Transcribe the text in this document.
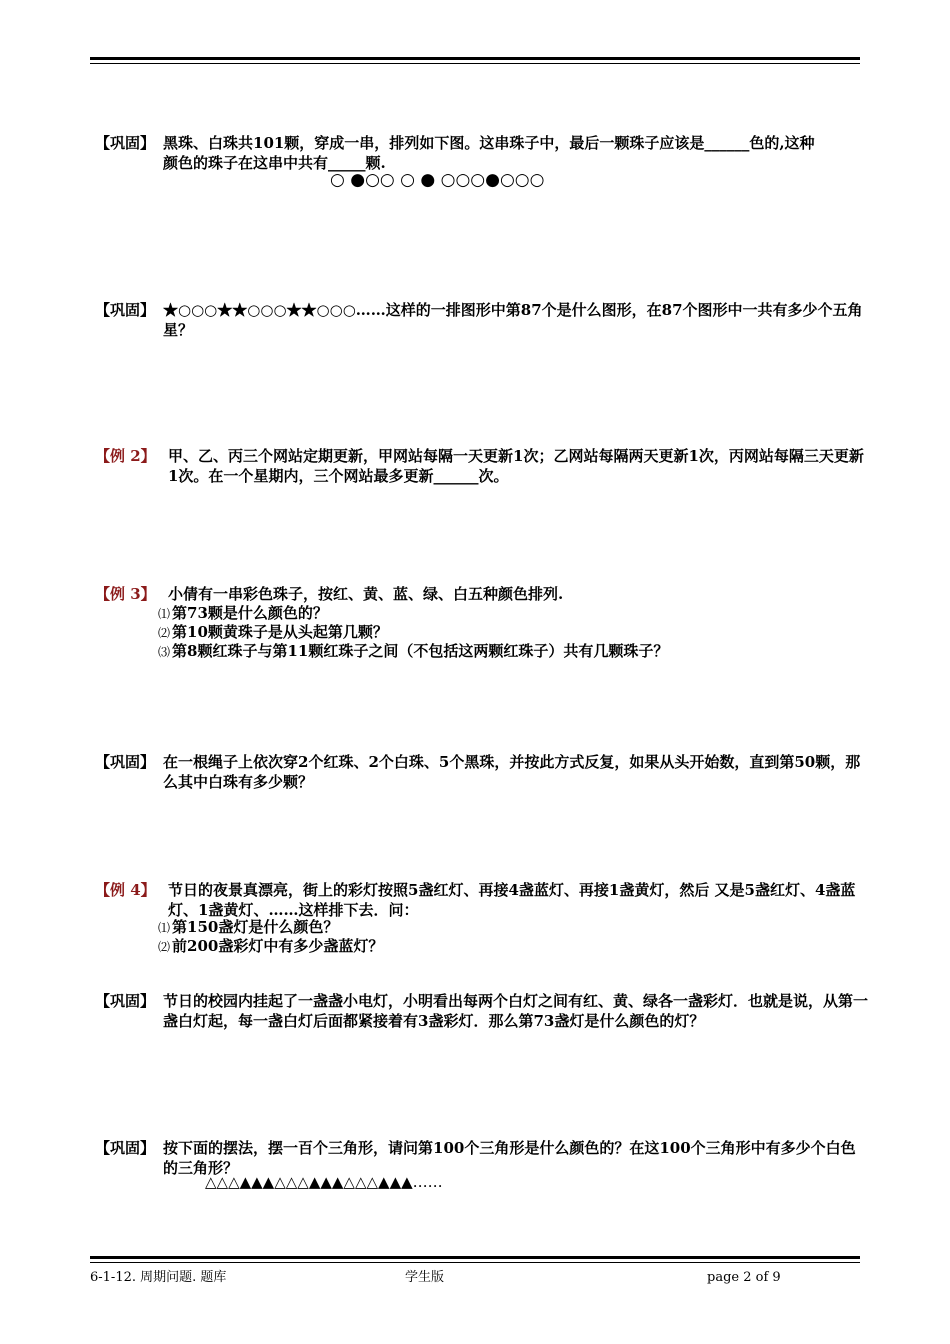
【巩固】 黑珠、白珠共101颗，穿成一串，排列如下图。这串珠子中，最后一颗珠子应该是______色的,这种
颜色的珠子在这串中共有_____颗.
○ ●○○ ○ ● ○○○●○○○
【巩固】 ★○○○★★○○○★★○○○……这样的一排图形中第87个是什么图形，在87个图形中一共有多少个五角星？
【例 2】 甲、乙、丙三个网站定期更新，甲网站每隔一天更新1次；乙网站每隔两天更新1次，丙网站每隔三天更新1次。在一个星期内，三个网站最多更新______次。
【例 3】 小倩有一串彩色珠子，按红、黄、蓝、绿、白五种颜色排列.
⑴ 第73颗是什么颜色的？
⑵ 第10颗黄珠子是从头起第几颗？
⑶ 第8颗红珠子与第11颗红珠子之间（不包括这两颗红珠子）共有几颗珠子？
【巩固】 在一根绳子上依次穿2个红珠、2个白珠、5个黑珠，并按此方式反复，如果从头开始数，直到第50颗，那么其中白珠有多少颗？
【例 4】 节日的夜景真漂亮，街上的彩灯按照5盏红灯、再接4盏蓝灯、再接1盏黄灯，然后 又是5盏红灯、4盏蓝灯、1盏黄灯、……这样排下去．问：
⑴ 第150盏灯是什么颜色？
⑵ 前200盏彩灯中有多少盏蓝灯？
【巩固】 节日的校园内挂起了一盏盏小电灯，小明看出每两个白灯之间有红、黄、绿各一盏彩灯．也就是说，从第一盏白灯起，每一盏白灯后面都紧接着有3盏彩灯．那么第73盏灯是什么颜色的灯？
【巩固】 按下面的摆法，摆一百个三角形，请问第100个三角形是什么颜色的？在这100个三角形中有多少个白色的三角形？
△△△▲▲▲△△△▲▲▲△△△▲▲▲……
6-1-12. 周期问题. 题库	学生版	page 2 of 9
